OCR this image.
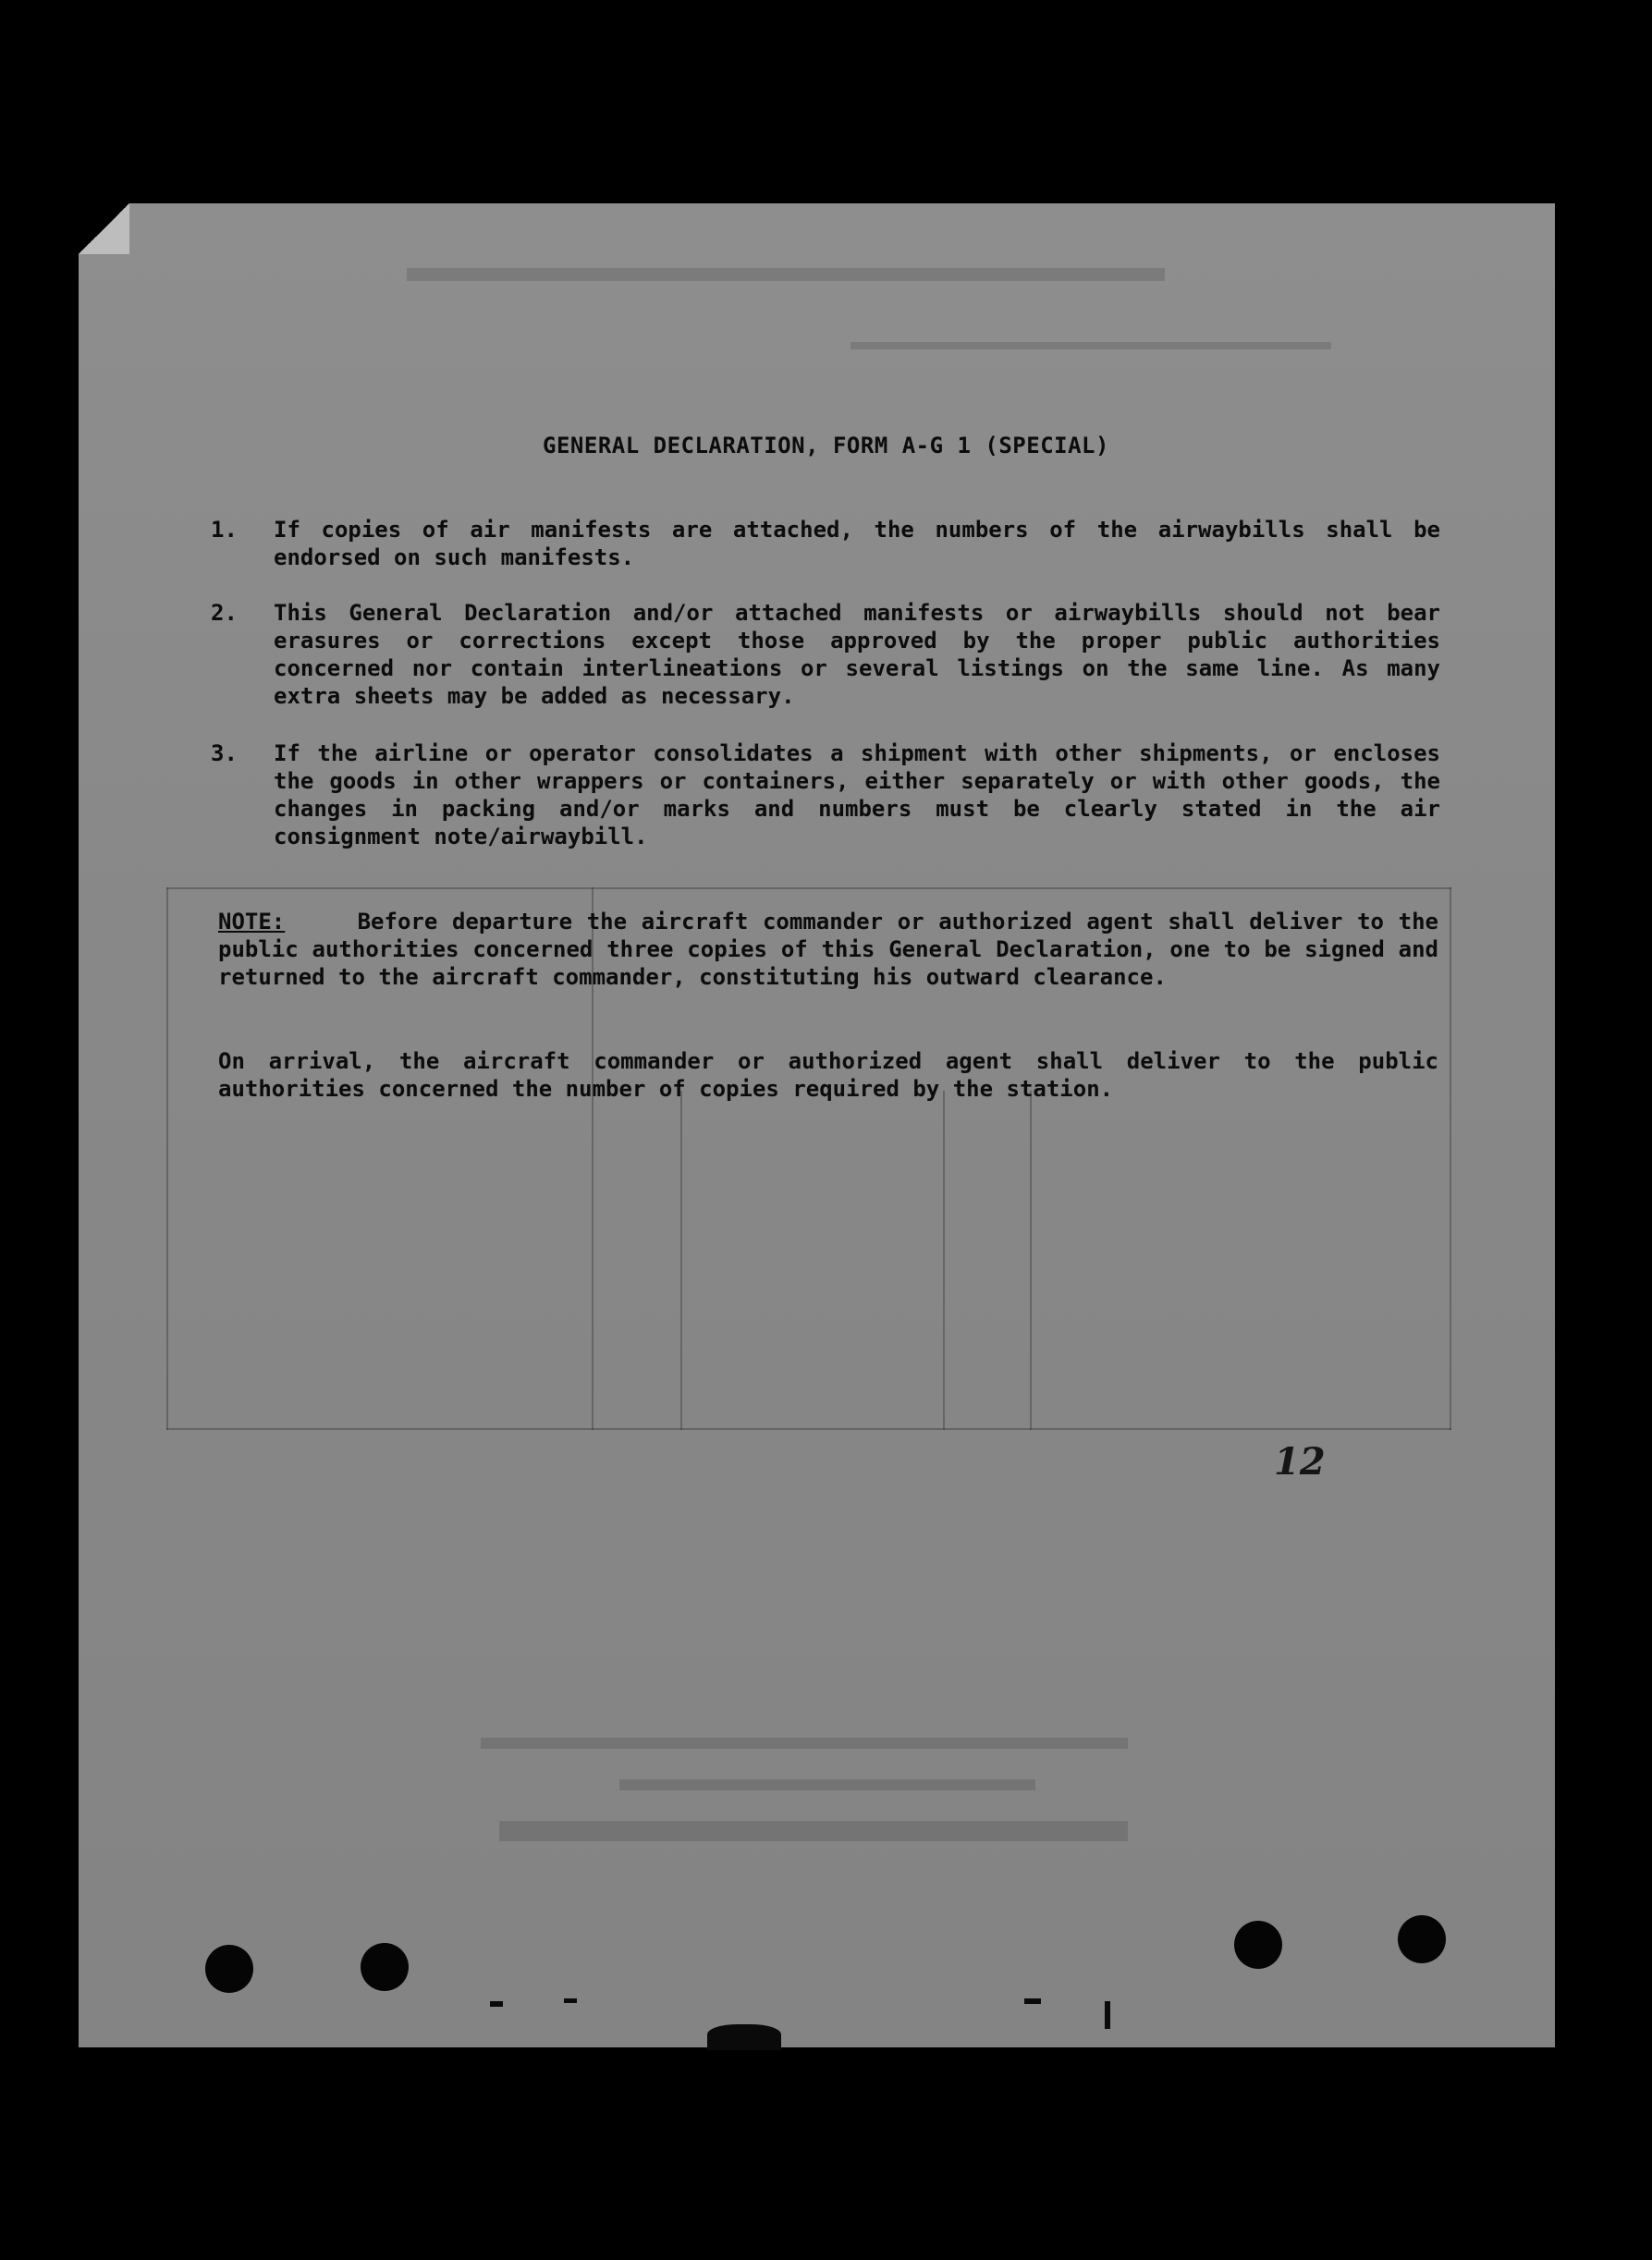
GENERAL DECLARATION, FORM A-G 1 (SPECIAL)
1. If copies of air manifests are attached, the numbers of the airwaybills shall be endorsed on such manifests.
2. This General Declaration and/or attached manifests or airwaybills should not bear erasures or corrections except those approved by the proper public authorities concerned nor contain interlineations or several listings on the same line. As many extra sheets may be added as necessary.
3. If the airline or operator consolidates a shipment with other shipments, or encloses the goods in other wrappers or containers, either separately or with other goods, the changes in packing and/or marks and numbers must be clearly stated in the air consignment note/airwaybill.
NOTE:	Before departure the aircraft commander or authorized agent shall deliver to the public authorities concerned three copies of this General Declaration, one to be signed and returned to the aircraft commander, constituting his outward clearance.
On arrival, the aircraft commander or authorized agent shall deliver to the public authorities concerned the number of copies required by the station.
12
